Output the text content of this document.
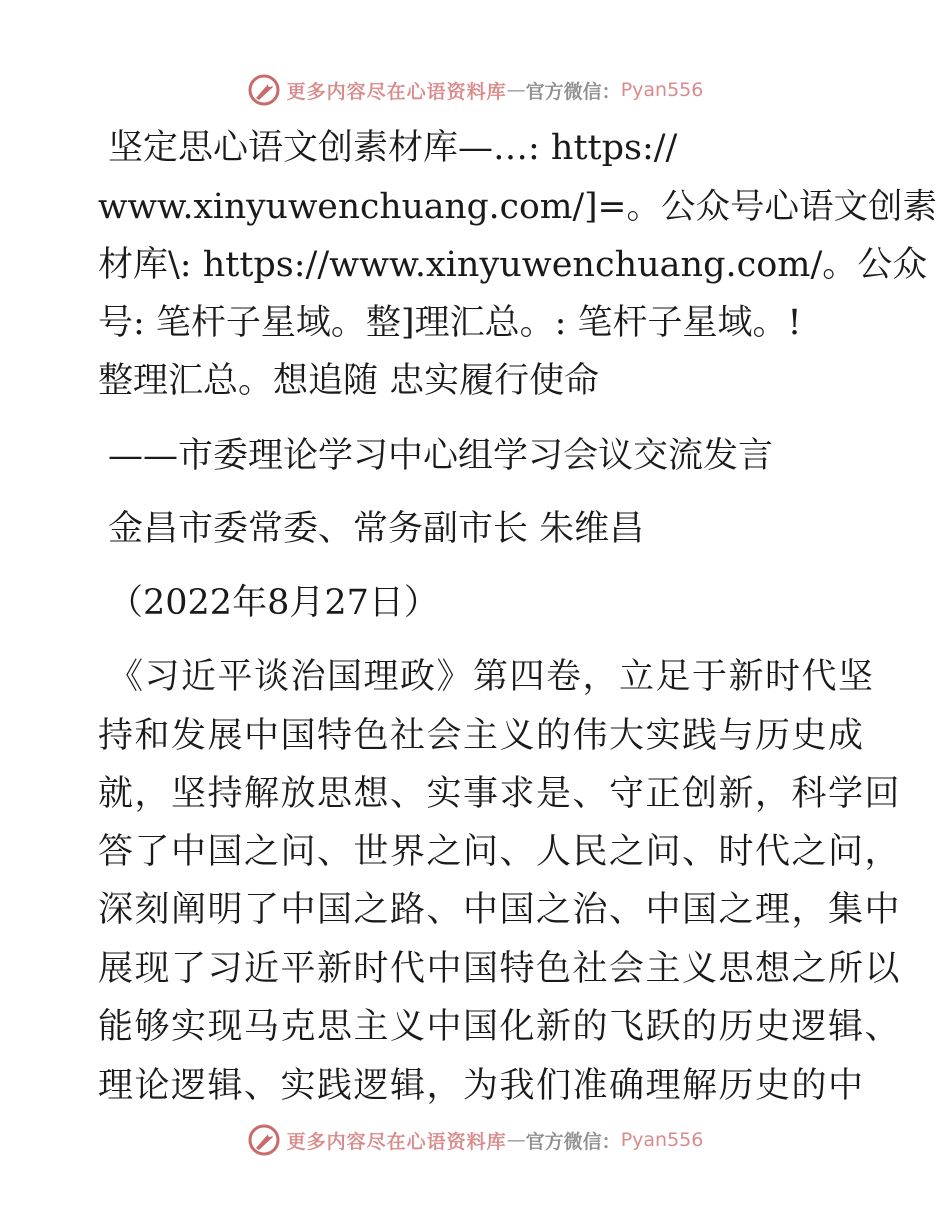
更多内容尽在心语资料库 — 官方微信： Pyan556
坚定思心语文创素材库—…: https://
www.xinyuwenchuang.com/]=。公众号心语文创素
材库\: https://www.xinyuwenchuang.com/。公众
号: 笔杆子星域。整]理汇总。: 笔杆子星域。!
整理汇总。想追随 忠实履行使命
——市委理论学习中心组学习会议交流发言
金昌市委常委、常务副市长 朱维昌
（2022年8月27日）
《习近平谈治国理政》第四卷，立足于新时代坚
持和发展中国特色社会主义的伟大实践与历史成
就，坚持解放思想、实事求是、守正创新，科学回
答了中国之问、世界之问、人民之问、时代之问，
深刻阐明了中国之路、中国之治、中国之理，集中
展现了习近平新时代中国特色社会主义思想之所以
能够实现马克思主义中国化新的飞跃的历史逻辑、
理论逻辑、实践逻辑，为我们准确理解历史的中
更多内容尽在心语资料库 — 官方微信： Pyan556
